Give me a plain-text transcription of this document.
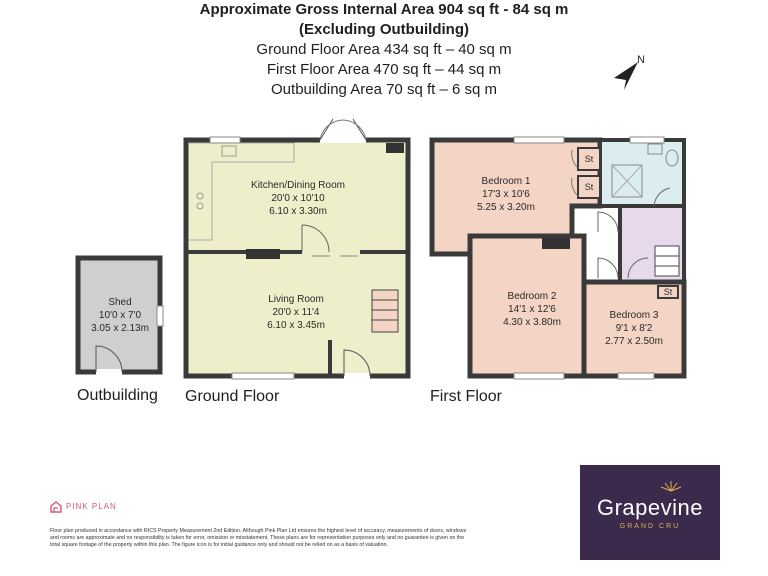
Approximate Gross Internal Area 904 sq ft - 84 sq m
(Excluding Outbuilding)
Ground Floor Area 434 sq ft – 40 sq m
First Floor Area 470 sq ft – 44 sq m
Outbuilding Area 70 sq ft – 6 sq m
N
Shed
10'0 x 7'0
3.05 x 2.13m
Kitchen/Dining Room
20'0 x 10'10
6.10 x 3.30m
Living Room
20'0 x 11'4
6.10 x 3.45m
St
St
St
Bedroom 1
17'3 x 10'6
5.25 x 3.20m
Bedroom 2
14'1 x 12'6
4.30 x 3.80m
Bedroom 3
9'1 x 8'2
2.77 x 2.50m
Outbuilding Ground Floor	First Floor
PINK PLAN
Floor plan produced in accordance with RICS Property Measurement 2nd Edition. Although Pink Plan Ltd ensures the highest level of accuracy, measurements of doors, windows and rooms are approximate and no responsibility is taken for error, omission or misstatement. These plans are for representation purposes only and no guarantee is given on the total square footage of the property within this plan. The figure icon is for initial guidance only and should not be relied on as a basis of valuation.
Grapevine
GRAND CRU
